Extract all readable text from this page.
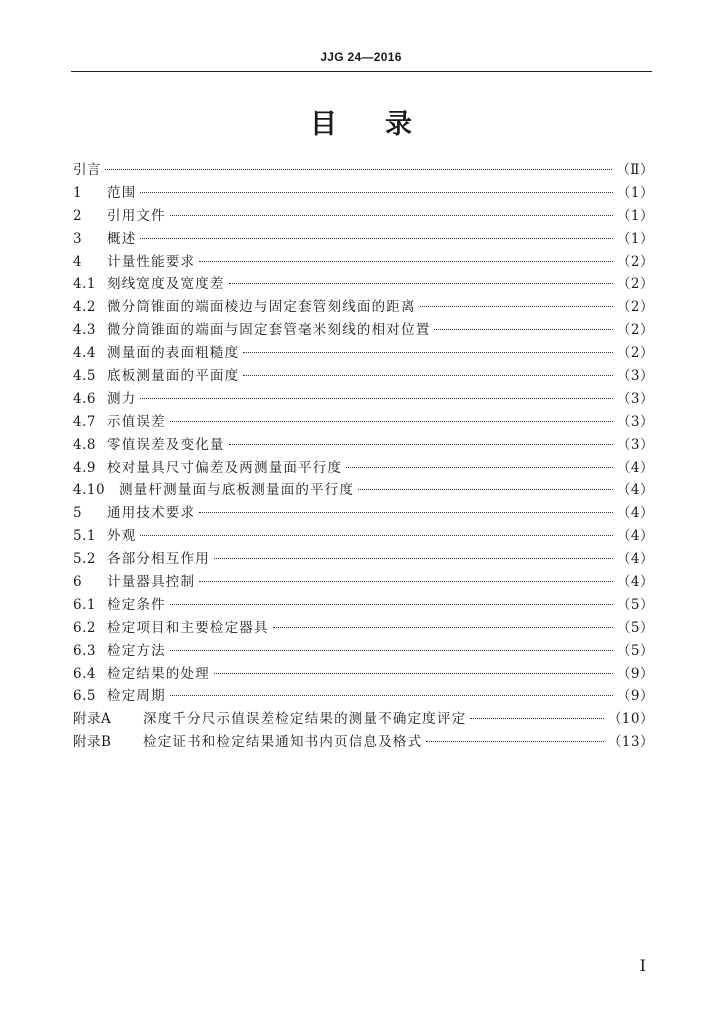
JJG 24—2016
目录
引言	（Ⅱ）
1	范围	（1）
2	引用文件	（1）
3	概述	（1）
4	计量性能要求	（2）
4.1 刻线宽度及宽度差	（2）
4.2 微分筒锥面的端面棱边与固定套管刻线面的距离	（2）
4.3 微分筒锥面的端面与固定套管毫米刻线的相对位置	（2）
4.4 测量面的表面粗糙度	（2）
4.5 底板测量面的平面度	（3）
4.6 测力	（3）
4.7 示值误差	（3）
4.8 零值误差及变化量	（3）
4.9 校对量具尺寸偏差及两测量面平行度	（4）
4.10	测量杆测量面与底板测量面的平行度	（4）
5	通用技术要求	（4）
5.1 外观	（4）
5.2 各部分相互作用	（4）
6	计量器具控制	（4）
6.1 检定条件	（5）
6.2 检定项目和主要检定器具	（5）
6.3 检定方法	（5）
6.4 检定结果的处理	（9）
6.5 检定周期	（9）
附录A	深度千分尺示值误差检定结果的测量不确定度评定	（10）
附录B	检定证书和检定结果通知书内页信息及格式	（13）
I
